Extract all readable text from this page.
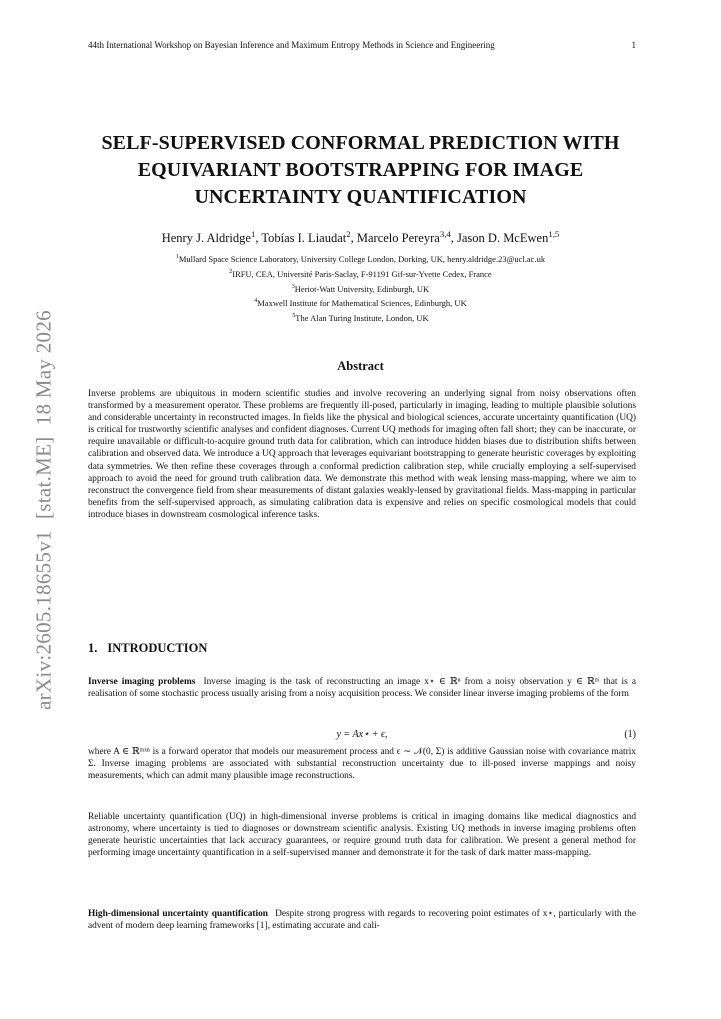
44th International Workshop on Bayesian Inference and Maximum Entropy Methods in Science and Engineering	1
arXiv:2605.18655v1  [stat.ME]  18 May 2026
SELF-SUPERVISED CONFORMAL PREDICTION WITH
EQUIVARIANT BOOTSTRAPPING FOR IMAGE
UNCERTAINTY QUANTIFICATION
Henry J. Aldridge$^1$, Tobías I. Liaudat$^2$, Marcelo Pereyra$^{3,4}$, Jason D. McEwen$^{1,5}$
$^1$Mullard Space Science Laboratory, University College London, Dorking, UK, henry.aldridge.23@ucl.ac.uk
$^2$IRFU, CEA, Université Paris-Saclay, F-91191 Gif-sur-Yvette Cedex, France
$^3$Heriot-Watt University, Edinburgh, UK
$^4$Maxwell Institute for Mathematical Sciences, Edinburgh, UK
$^5$The Alan Turing Institute, London, UK
Abstract
Inverse problems are ubiquitous in modern scientific studies and involve recovering an underlying signal from noisy observations often transformed by a measurement operator. These problems are frequently ill-posed, particularly in imaging, leading to multiple plausible solutions and considerable uncertainty in reconstructed images. In fields like the physical and biological sciences, accurate uncertainty quantification (UQ) is critical for trustworthy scientific analyses and confident diagnoses. Current UQ methods for imaging often fall short; they can be inaccurate, or require unavailable or difficult-to-acquire ground truth data for calibration, which can introduce hidden biases due to distribution shifts between calibration and observed data. We introduce a UQ approach that leverages equivariant bootstrapping to generate heuristic coverages by exploiting data symmetries. We then refine these coverages through a conformal prediction calibration step, while crucially employing a self-supervised approach to avoid the need for ground truth calibration data. We demonstrate this method with weak lensing mass-mapping, where we aim to reconstruct the convergence field from shear measurements of distant galaxies weakly-lensed by gravitational fields. Mass-mapping in particular benefits from the self-supervised approach, as simulating calibration data is expensive and relies on specific cosmological models that could introduce biases in downstream cosmological inference tasks.
1. INTRODUCTION
Inverse imaging problems Inverse imaging is the task of reconstructing an image x⋆ ∈ ℝⁿ from a noisy observation y ∈ ℝᵐ that is a realisation of some stochastic process usually arising from a noisy acquisition process. We consider linear inverse imaging problems of the form
y = Ax⋆ + ϵ,	(1)
where A ∈ ℝᵐˣⁿ is a forward operator that models our measurement process and ϵ ∼ 𝒩(0, Σ) is additive Gaussian noise with covariance matrix Σ. Inverse imaging problems are associated with substantial reconstruction uncertainty due to ill-posed inverse mappings and noisy measurements, which can admit many plausible image reconstructions.
Reliable uncertainty quantification (UQ) in high-dimensional inverse problems is critical in imaging domains like medical diagnostics and astronomy, where uncertainty is tied to diagnoses or downstream scientific analysis. Existing UQ methods in inverse imaging problems often generate heuristic uncertainties that lack accuracy guarantees, or require ground truth data for calibration. We present a general method for performing image uncertainty quantification in a self-supervised manner and demonstrate it for the task of dark matter mass-mapping.
High-dimensional uncertainty quantification Despite strong progress with regards to recovering point estimates of x⋆, particularly with the advent of modern deep learning frameworks [1], estimating accurate and cali-
